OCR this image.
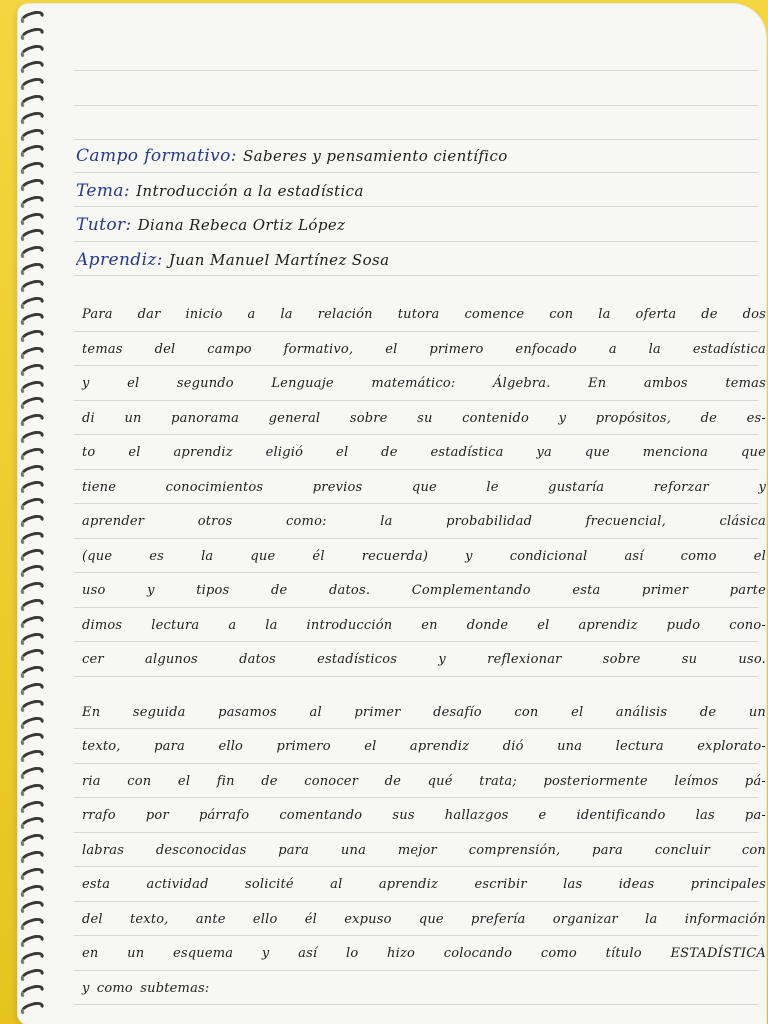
Campo formativo: Saberes y pensamiento científico
Tema: Introducción a la estadística
Tutor: Diana Rebeca Ortiz López
Aprendiz: Juan Manuel Martínez Sosa
Para dar inicio a la relación tutora comence con la oferta de dos
temas del campo formativo, el primero enfocado a la estadística
y el segundo Lenguaje matemático: Álgebra. En ambos temas
di un panorama general sobre su contenido y propósitos, de es-
to el aprendiz eligió el de estadística ya que menciona que
tiene conocimientos previos que le gustaría reforzar y
aprender otros como: la probabilidad frecuencial, clásica
(que es la que él recuerda) y condicional así como el
uso y tipos de datos. Complementando esta primer parte
dimos lectura a la introducción en donde el aprendiz pudo cono-
cer algunos datos estadísticos y reflexionar sobre su uso.
En seguida pasamos al primer desafío con el análisis de un
texto, para ello primero el aprendiz dió una lectura explorato-
ria con el fin de conocer de qué trata; posteriormente leímos pá-
rrafo por párrafo comentando sus hallazgos e identificando las pa-
labras desconocidas para una mejor comprensión, para concluir con
esta actividad solicité al aprendiz escribir las ideas principales
del texto, ante ello él expuso que prefería organizar la información
en un esquema y así lo hizo colocando como título ESTADÍSTICA
y como subtemas:
